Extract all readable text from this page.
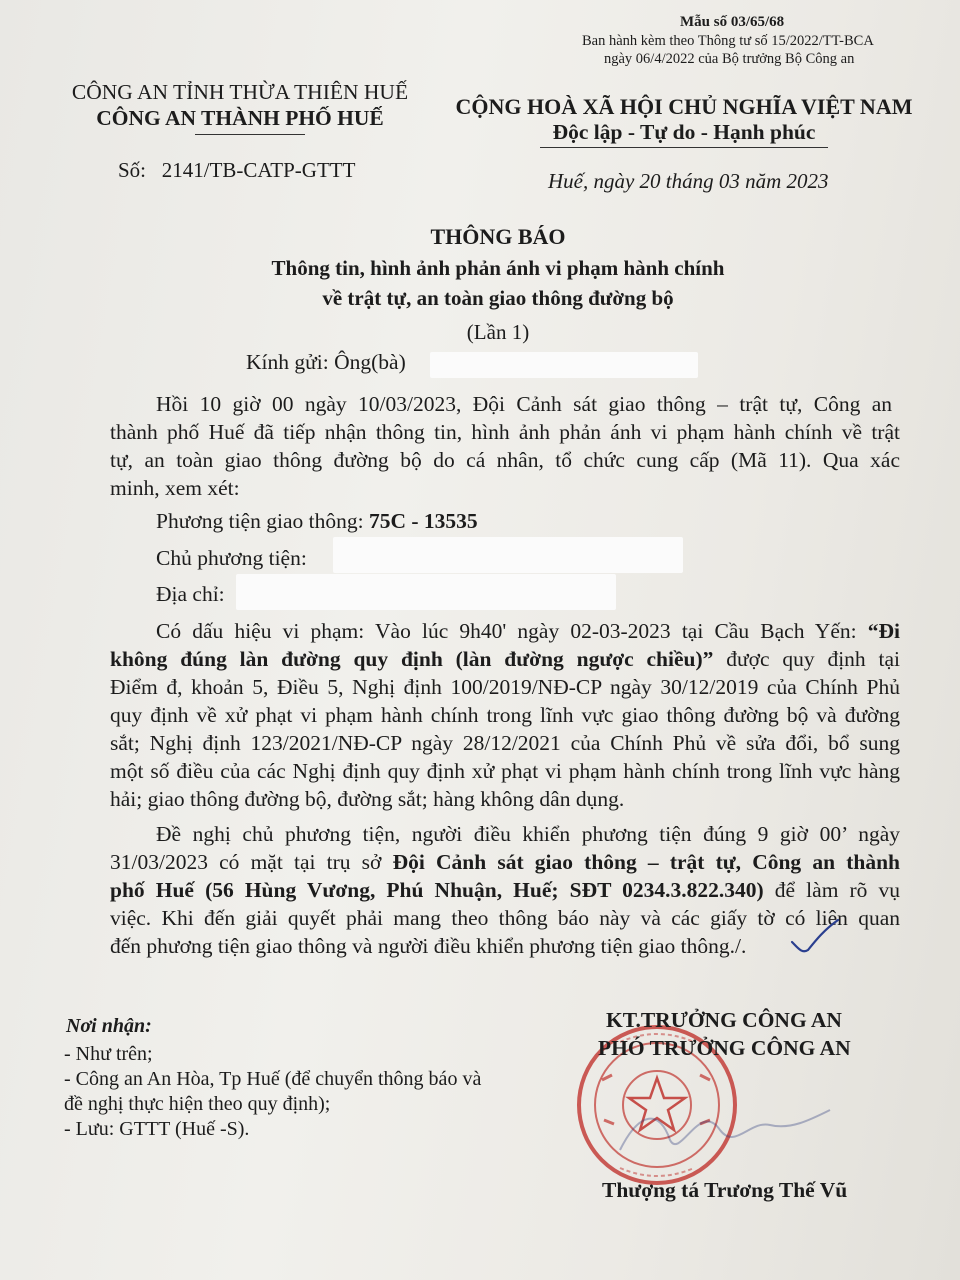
Mẫu số 03/65/68
Ban hành kèm theo Thông tư số 15/2022/TT-BCA
ngày 06/4/2022 của Bộ trưởng Bộ Công an
CÔNG AN TỈNH THỪA THIÊN HUẾ
CÔNG AN THÀNH PHỐ HUẾ
Số: 2141/TB-CATP-GTTT
CỘNG HOÀ XÃ HỘI CHỦ NGHĨA VIỆT NAM
Độc lập - Tự do - Hạnh phúc
Huế, ngày 20 tháng 03 năm 2023
THÔNG BÁO
Thông tin, hình ảnh phản ánh vi phạm hành chính
về trật tự, an toàn giao thông đường bộ
(Lần 1)
Kính gửi: Ông(bà)
Hồi 10 giờ 00 ngày 10/03/2023, Đội Cảnh sát giao thông – trật tự, Công an
thành phố Huế đã tiếp nhận thông tin, hình ảnh phản ánh vi phạm hành chính về trật
tự, an toàn giao thông đường bộ do cá nhân, tổ chức cung cấp (Mã 11). Qua xác
minh, xem xét:
Phương tiện giao thông: 75C - 13535
Chủ phương tiện:
Địa chỉ:
Có dấu hiệu vi phạm: Vào lúc 9h40' ngày 02-03-2023 tại Cầu Bạch Yến: “Đi
không đúng làn đường quy định (làn đường ngược chiều)” được quy định tại
Điểm đ, khoản 5, Điều 5, Nghị định 100/2019/NĐ-CP ngày 30/12/2019 của Chính Phủ
quy định về xử phạt vi phạm hành chính trong lĩnh vực giao thông đường bộ và đường
sắt; Nghị định 123/2021/NĐ-CP ngày 28/12/2021 của Chính Phủ về sửa đổi, bổ sung
một số điều của các Nghị định quy định xử phạt vi phạm hành chính trong lĩnh vực hàng
hải; giao thông đường bộ, đường sắt; hàng không dân dụng.
Đề nghị chủ phương tiện, người điều khiển phương tiện đúng 9 giờ 00’ ngày
31/03/2023 có mặt tại trụ sở Đội Cảnh sát giao thông – trật tự, Công an thành
phố Huế (56 Hùng Vương, Phú Nhuận, Huế; SĐT 0234.3.822.340) để làm rõ vụ
việc. Khi đến giải quyết phải mang theo thông báo này và các giấy tờ có liên quan
đến phương tiện giao thông và người điều khiển phương tiện giao thông./.
Nơi nhận:
- Như trên;
- Công an An Hòa, Tp Huế (để chuyển thông báo và
đề nghị thực hiện theo quy định);
- Lưu: GTTT (Huế -S).
KT.TRƯỞNG CÔNG AN
PHÓ TRƯỞNG CÔNG AN
Thượng tá Trương Thế Vũ
